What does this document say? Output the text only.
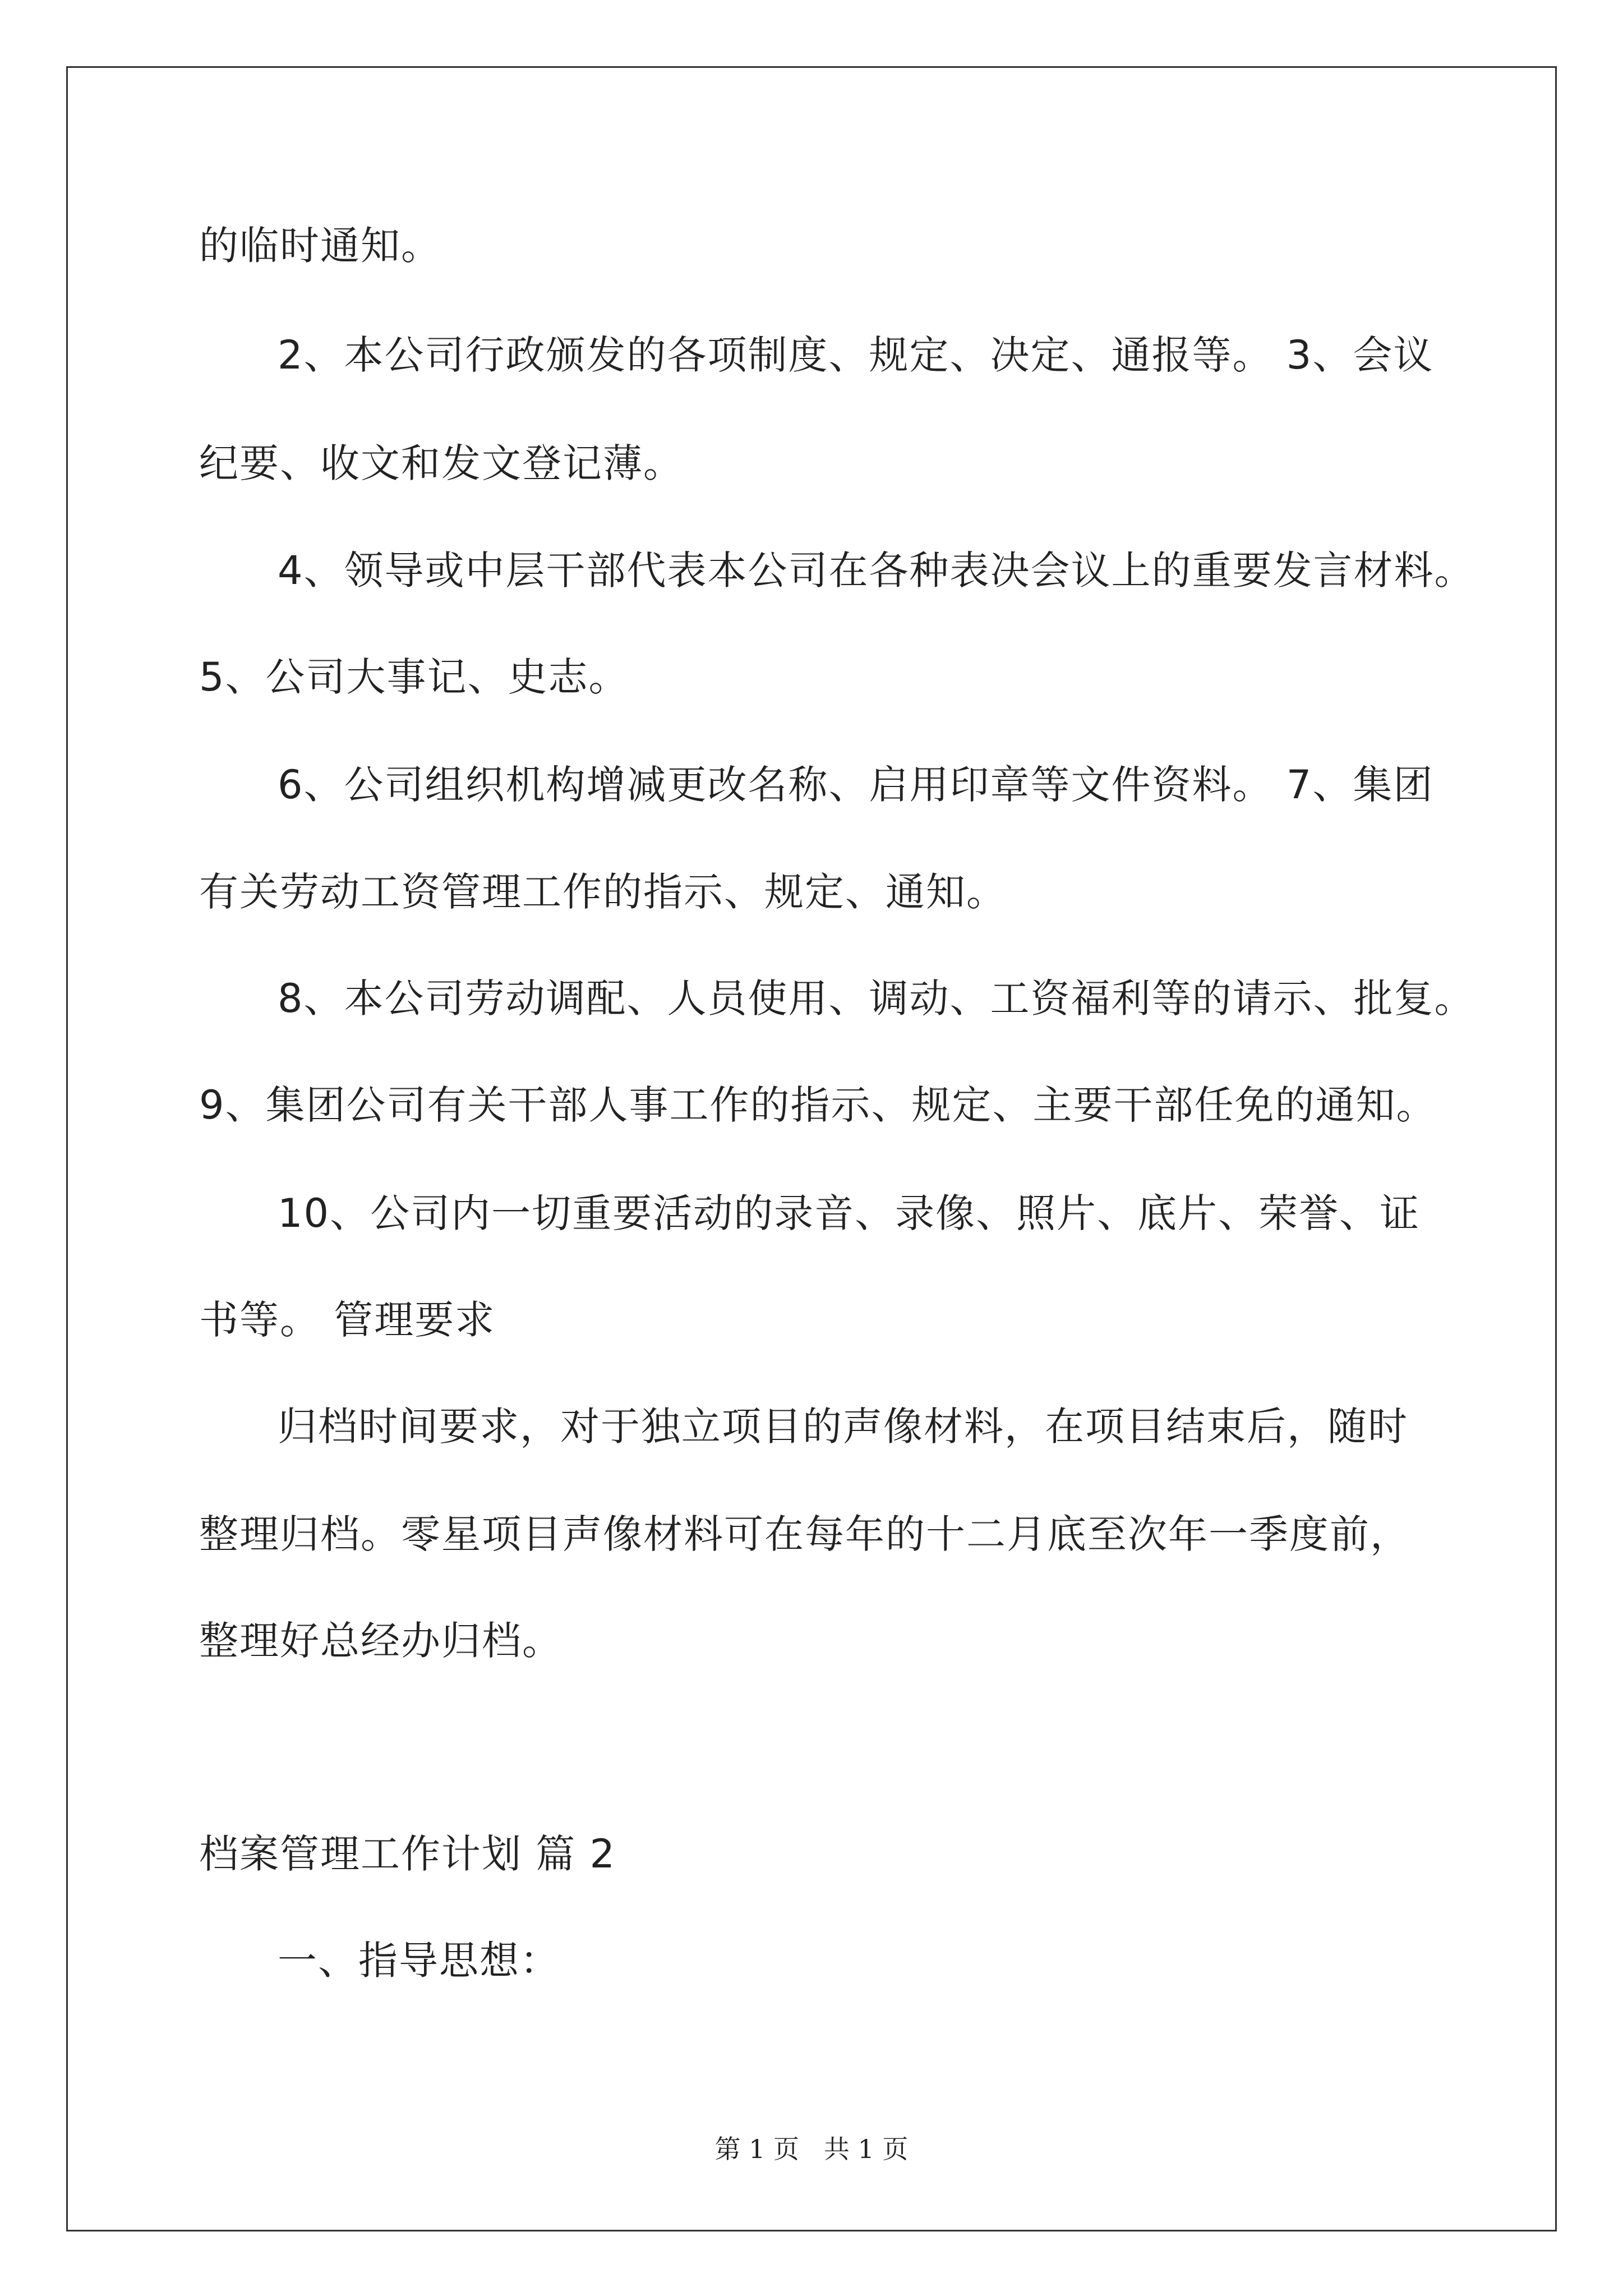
的临时通知。

2、本公司行政颁发的各项制度、规定、决定、通报等。 3、会议

纪要、收文和发文登记薄。

4、领导或中层干部代表本公司在各种表决会议上的重要发言材料。

5、公司大事记、史志。

6、公司组织机构增减更改名称、启用印章等文件资料。 7、集团

有关劳动工资管理工作的指示、规定、通知。

8、本公司劳动调配、人员使用、调动、工资福利等的请示、批复。

9、集团公司有关干部人事工作的指示、规定、主要干部任免的通知。

10、公司内一切重要活动的录音、录像、照片、底片、荣誉、证

书等。 管理要求

归档时间要求，对于独立项目的声像材料，在项目结束后，随时

整理归档。零星项目声像材料可在每年的十二月底至次年一季度前，

整理好总经办归档。

档案管理工作计划 篇 2

一、指导思想：

第 1 页   共 1 页
